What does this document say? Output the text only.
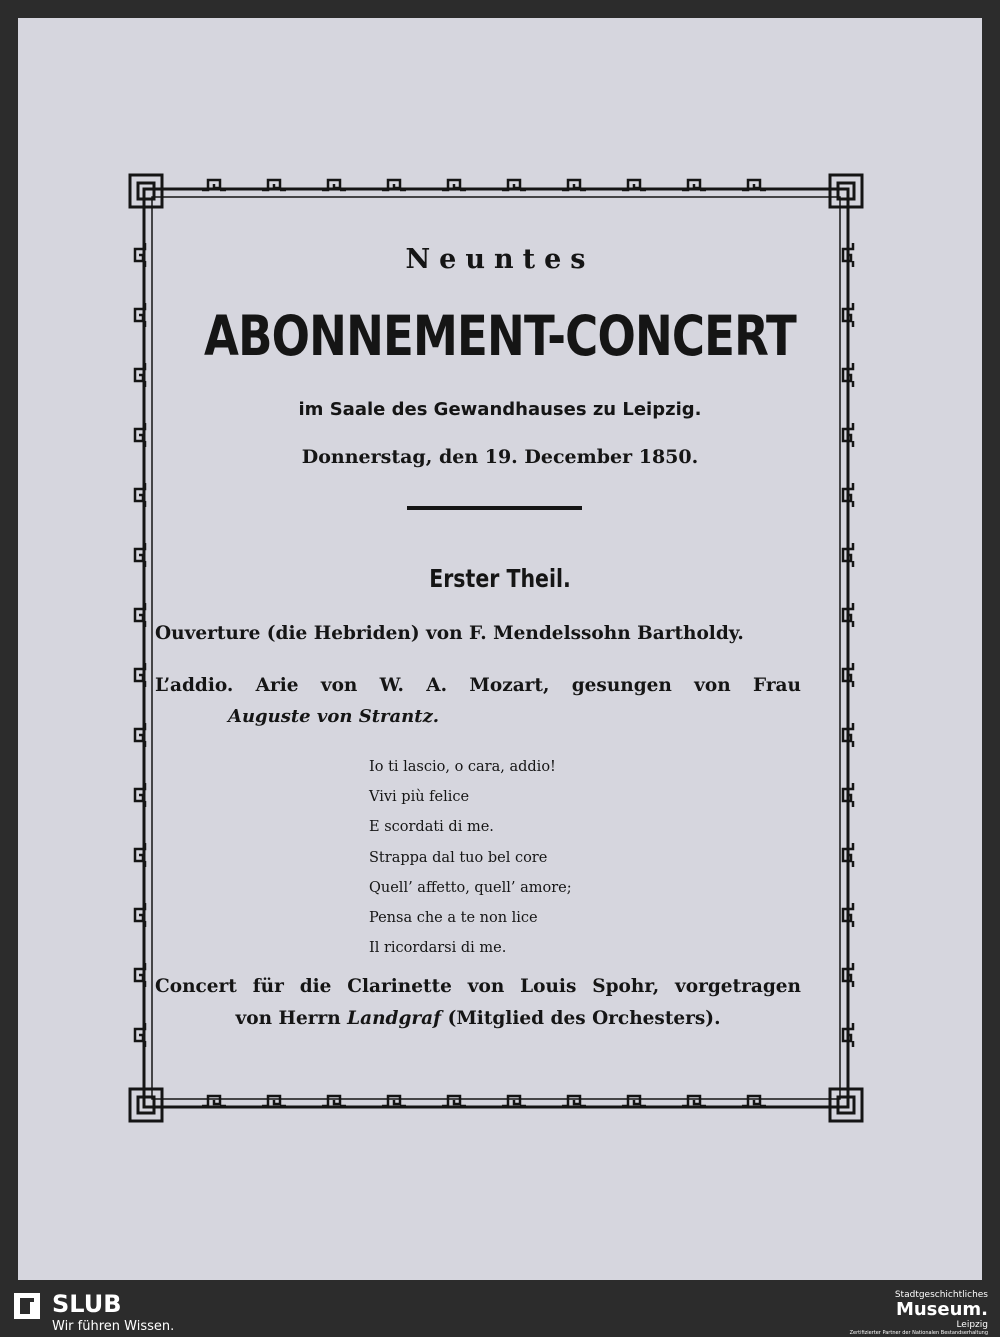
Neuntes
ABONNEMENT-CONCERT
im Saale des Gewandhauses zu Leipzig.
Donnerstag, den 19. December 1850.
Erster Theil.
Ouverture (die Hebriden) von F. Mendelssohn Bartholdy.
L’addio. Arie von W. A. Mozart, gesungen von Frau
Auguste von Strantz.
Io ti lascio, o cara, addio!
Vivi più felice
E scordati di me.
Strappa dal tuo bel core
Quell’ affetto, quell’ amore;
Pensa che a te non lice
Il ricordarsi di me.
Concert für die Clarinette von Louis Spohr, vorgetragen
von Herrn Landgraf (Mitglied des Orchesters).
SLUB
Wir führen Wissen.
Stadtgeschichtliches
Museum.
Leipzig
Zertifizierter Partner der Nationalen Bestandserhaltung
